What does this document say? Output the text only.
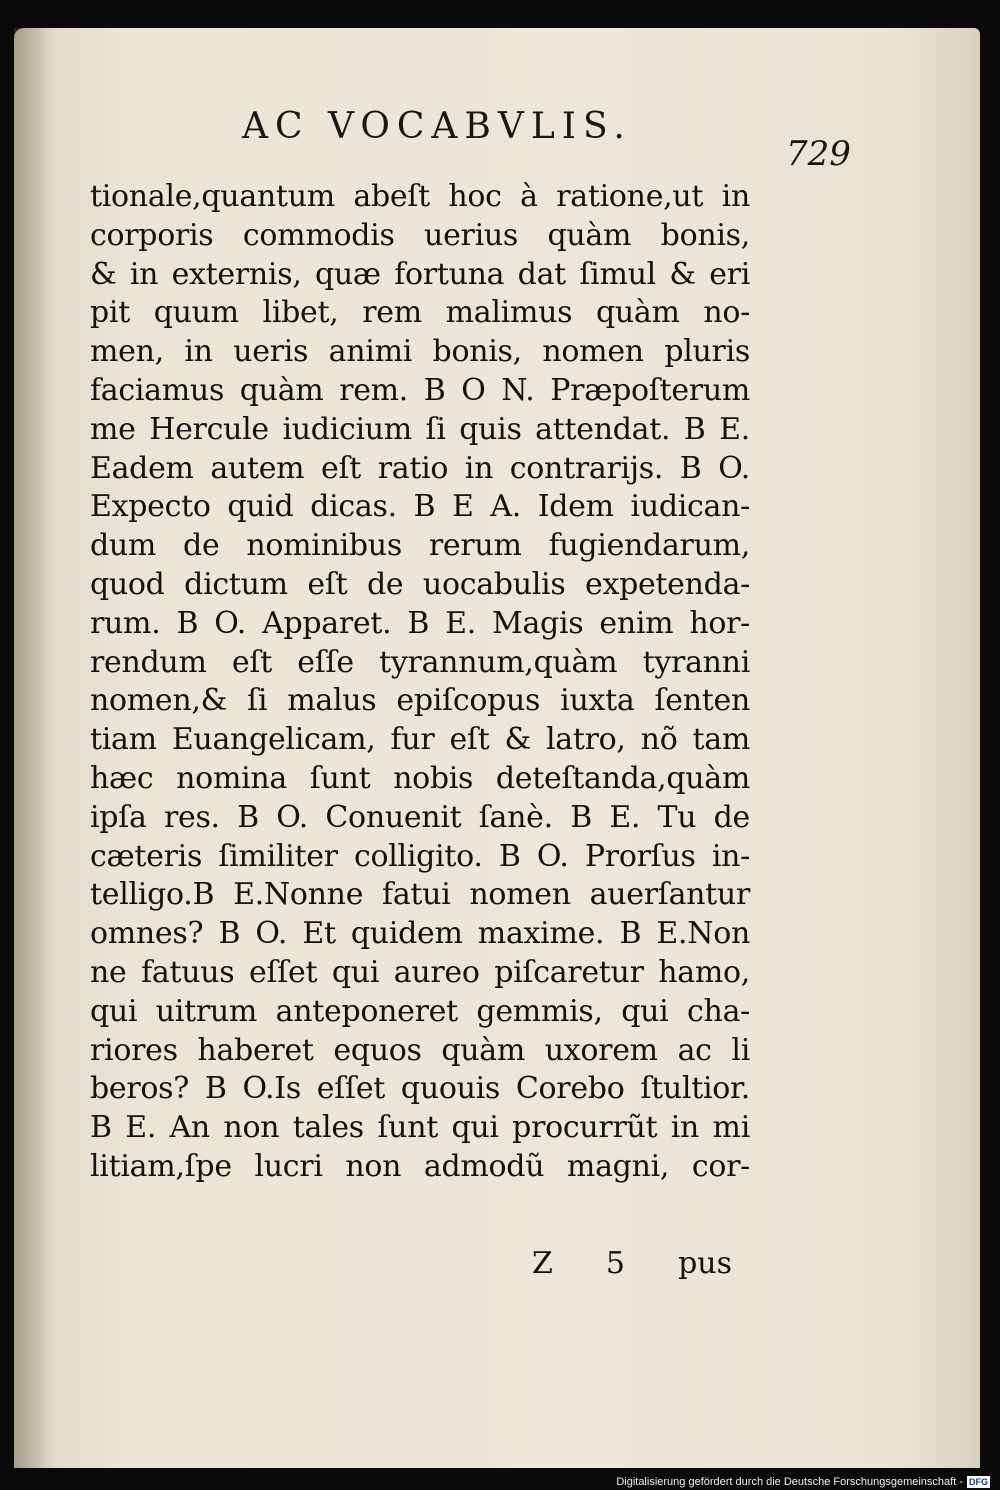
AC VOCABVLIS.
729
tionale,quantum abeſt hoc à ratione,ut in
corporis commodis uerius quàm bonis,
& in externis, quæ fortuna dat ſimul & eri
pit quum libet, rem malimus quàm no-
men, in ueris animi bonis, nomen pluris
faciamus quàm rem. B O N. Præpoſterum
me Hercule iudicium ſi quis attendat. B E.
Eadem autem eſt ratio in contrarijs. B O.
Expecto quid dicas. B E A. Idem iudican-
dum de nominibus rerum fugiendarum,
quod dictum eſt de uocabulis expetenda-
rum. B O. Apparet. B E. Magis enim hor-
rendum eſt eſſe tyrannum,quàm tyranni
nomen,& ſi malus epiſcopus iuxta ſenten
tiam Euangelicam, fur eſt & latro, nõ tam
hæc nomina ſunt nobis deteſtanda,quàm
ipſa res. B O. Conuenit ſanè. B E. Tu de
cæteris ſimiliter colligito. B O. Prorſus in-
telligo.B E.Nonne fatui nomen auerſantur
omnes? B O. Et quidem maxime. B E.Non
ne fatuus eſſet qui aureo piſcaretur hamo,
qui uitrum anteponeret gemmis, qui cha-
riores haberet equos quàm uxorem ac li
beros? B O.Is eſſet quouis Corebo ſtultior.
B E. An non tales ſunt qui procurrũt in mi
litiam,ſpe lucri non admodũ magni, cor-
Z 5 pus
Digitalisierung gefördert durch die Deutsche Forschungsgemeinschaft - DFG
